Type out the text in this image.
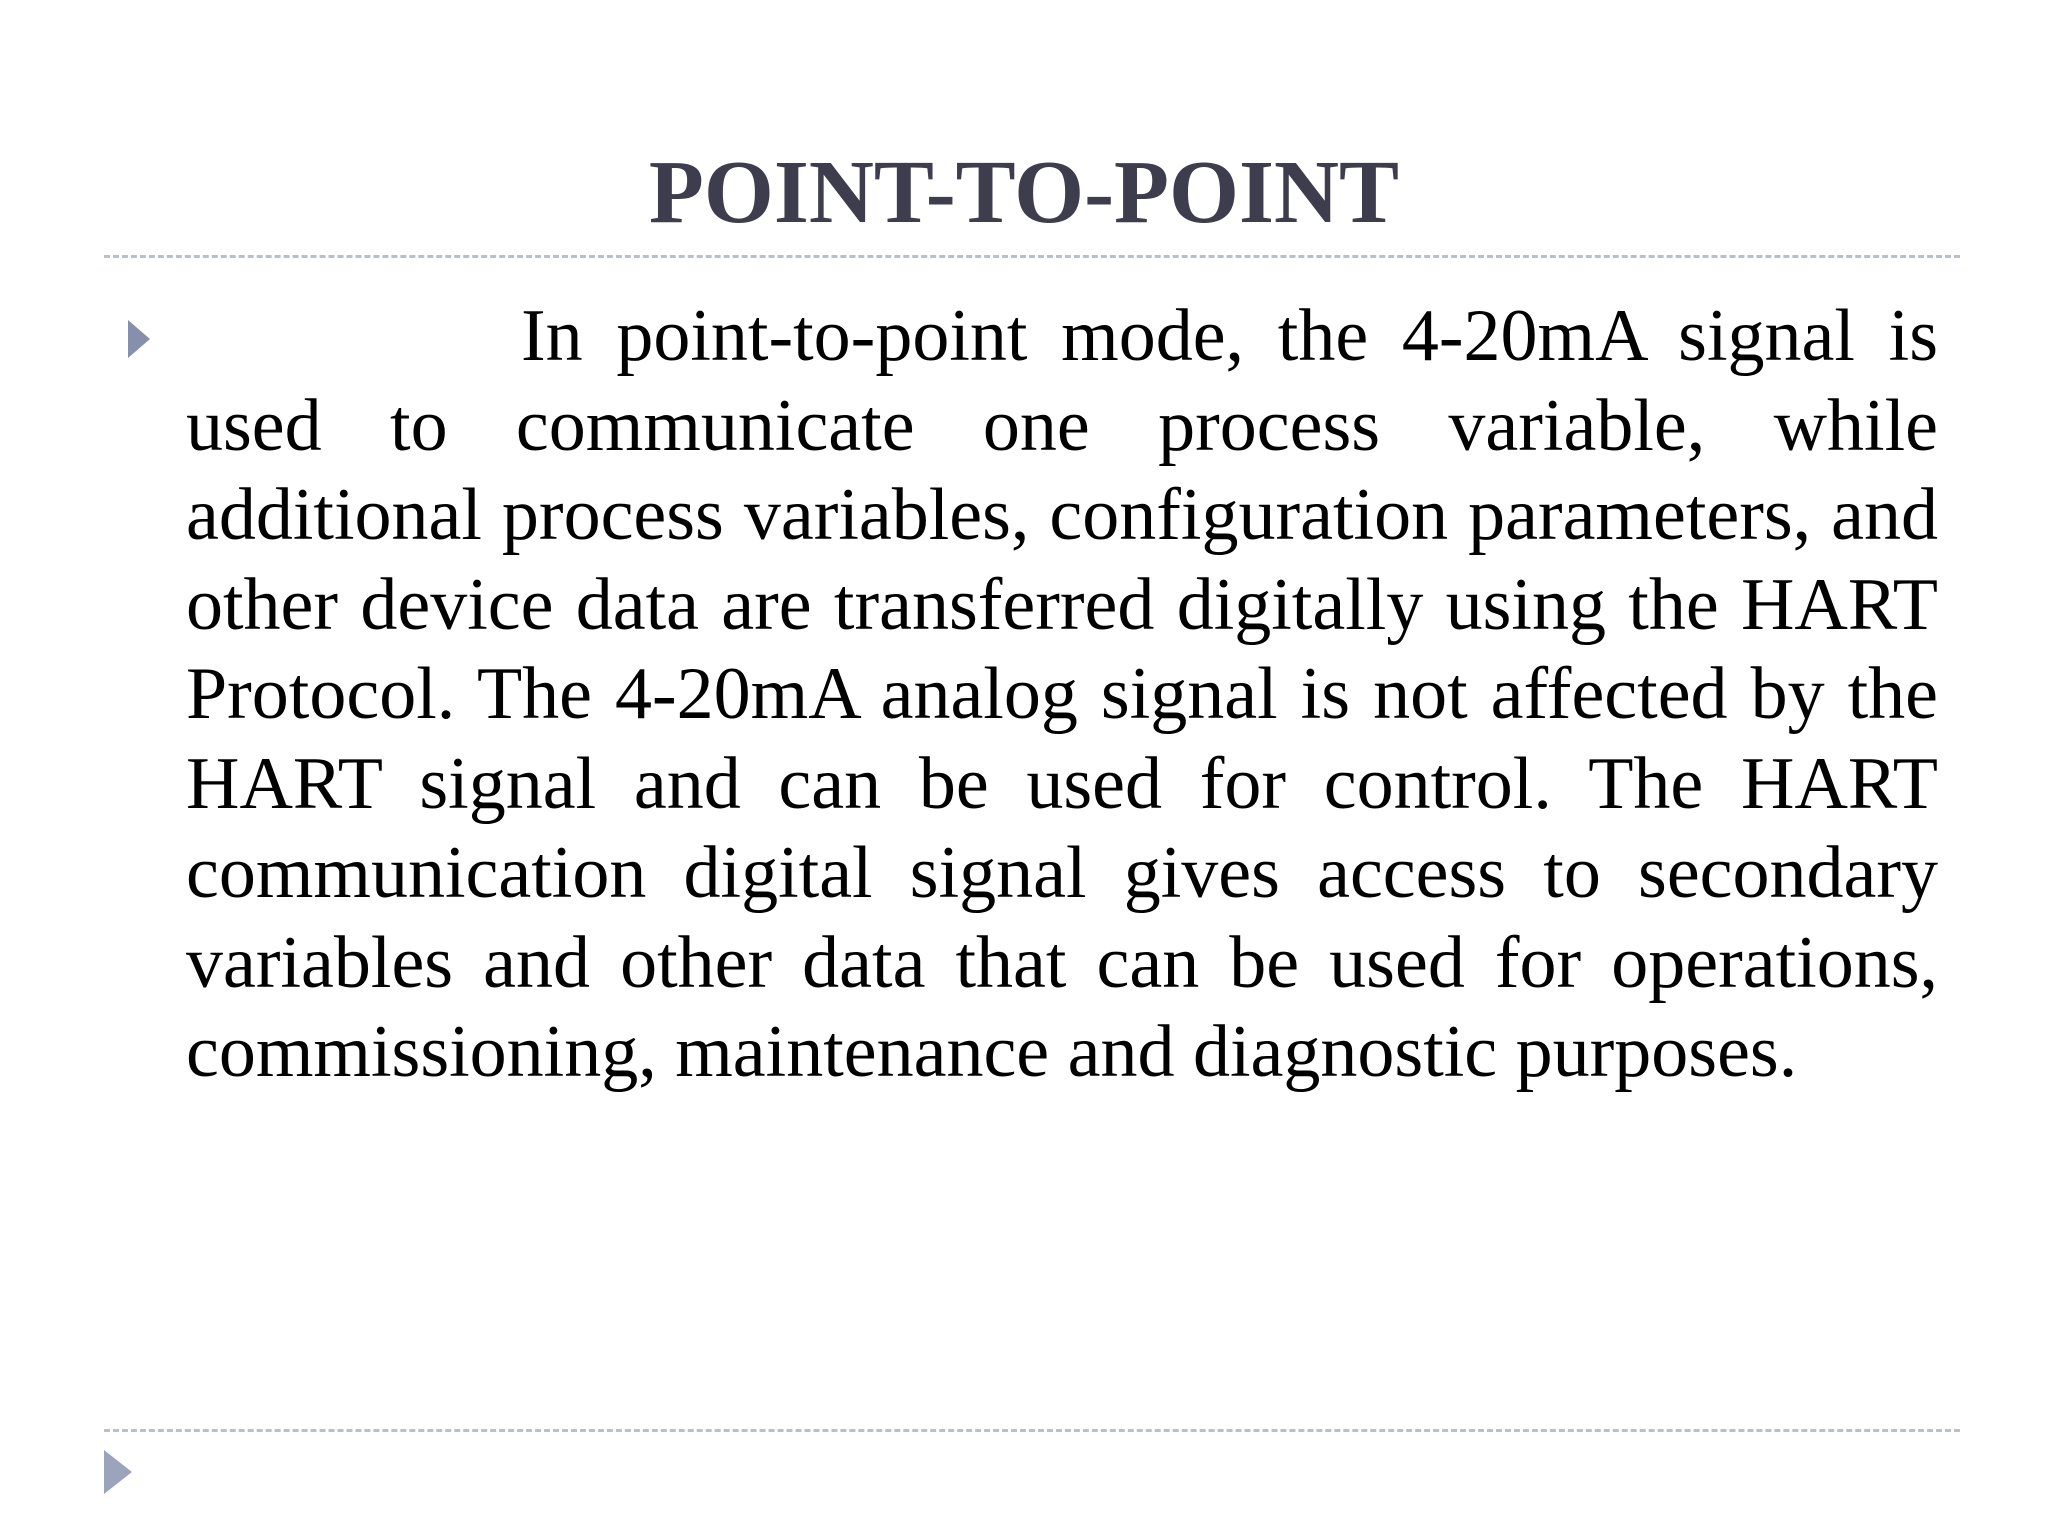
POINT-TO-POINT

In point-to-point mode, the 4-20mA signal is used to communicate one process variable, while additional process variables, configuration parameters, and other device data are transferred digitally using the HART Protocol. The 4-20mA analog signal is not affected by the HART signal and can be used for control. The HART communication digital signal gives access to secondary variables and other data that can be used for operations, commissioning, maintenance and diagnostic purposes.
